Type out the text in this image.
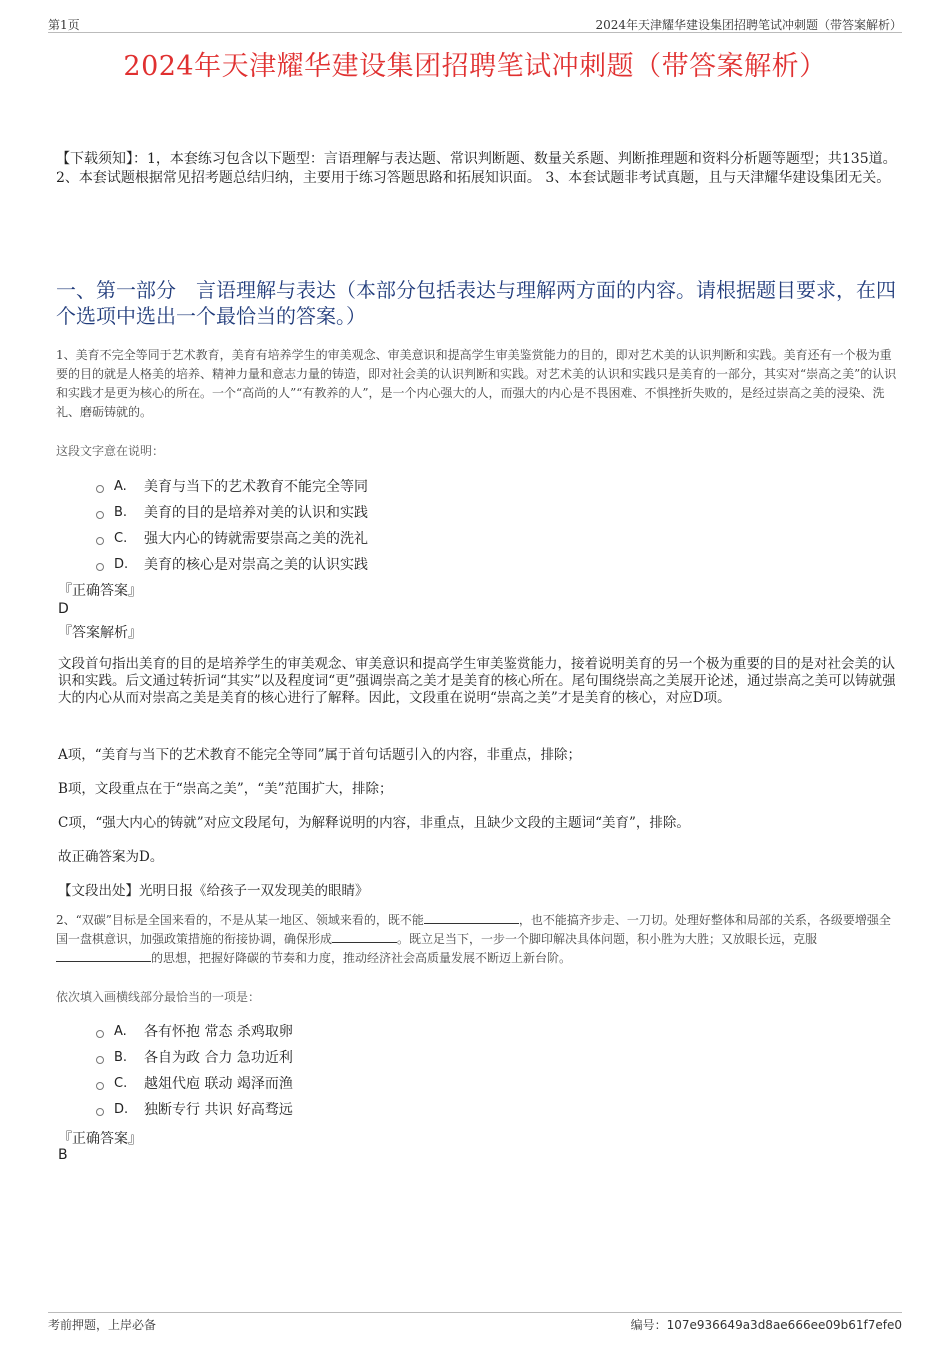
第1页	2024年天津耀华建设集团招聘笔试冲刺题（带答案解析）
2024年天津耀华建设集团招聘笔试冲刺题（带答案解析）
【下载须知】：1，本套练习包含以下题型：言语理解与表达题、常识判断题、数量关系题、判断推理题和资料分析题等题型；共135道。 2、本套试题根据常见招考题总结归纳，主要用于练习答题思路和拓展知识面。 3、本套试题非考试真题，且与天津耀华建设集团无关。
一、第一部分　言语理解与表达（本部分包括表达与理解两方面的内容。请根据题目要求，在四个选项中选出一个最恰当的答案。）
1、美育不完全等同于艺术教育，美育有培养学生的审美观念、审美意识和提高学生审美鉴赏能力的目的，即对艺术美的认识判断和实践。美育还有一个极为重要的目的就是人格美的培养、精神力量和意志力量的铸造，即对社会美的认识判断和实践。对艺术美的认识和实践只是美育的一部分，其实对“崇高之美”的认识和实践才是更为核心的所在。一个“高尚的人”“有教养的人”，是一个内心强大的人，而强大的内心是不畏困难、不惧挫折失败的，是经过崇高之美的浸染、洗礼、磨砺铸就的。
这段文字意在说明：
A.	美育与当下的艺术教育不能完全等同
B.	美育的目的是培养对美的认识和实践
C.	强大内心的铸就需要崇高之美的洗礼
D.	美育的核心是对崇高之美的认识实践
『正确答案』
D
『答案解析』
文段首句指出美育的目的是培养学生的审美观念、审美意识和提高学生审美鉴赏能力，接着说明美育的另一个极为重要的目的是对社会美的认识和实践。后文通过转折词“其实”以及程度词“更”强调崇高之美才是美育的核心所在。尾句围绕崇高之美展开论述，通过崇高之美可以铸就强大的内心从而对崇高之美是美育的核心进行了解释。因此，文段重在说明“崇高之美”才是美育的核心，对应D项。
A项，“美育与当下的艺术教育不能完全等同”属于首句话题引入的内容，非重点，排除；
B项，文段重点在于“崇高之美”，“美”范围扩大，排除；
C项，“强大内心的铸就”对应文段尾句，为解释说明的内容，非重点，且缺少文段的主题词“美育”，排除。
故正确答案为D。
【文段出处】光明日报《给孩子一双发现美的眼睛》
2、“双碳”目标是全国来看的，不是从某一地区、领域来看的，既不能	，也不能搞齐步走、一刀切。处理好整体和局部的关系，各级要增强全国一盘棋意识，加强政策措施的衔接协调，确保形成	。既立足当下，一步一个脚印解决具体问题，积小胜为大胜；又放眼长远，克服的思想，把握好降碳的节奏和力度，推动经济社会高质量发展不断迈上新台阶。
依次填入画横线部分最恰当的一项是：
A.	各有怀抱 常态 杀鸡取卵
B.	各自为政 合力 急功近利
C.	越俎代庖 联动 竭泽而渔
D.	独断专行 共识 好高骛远
『正确答案』
B
考前押题，上岸必备	编号：107e936649a3d8ae666ee09b61f7efe0
